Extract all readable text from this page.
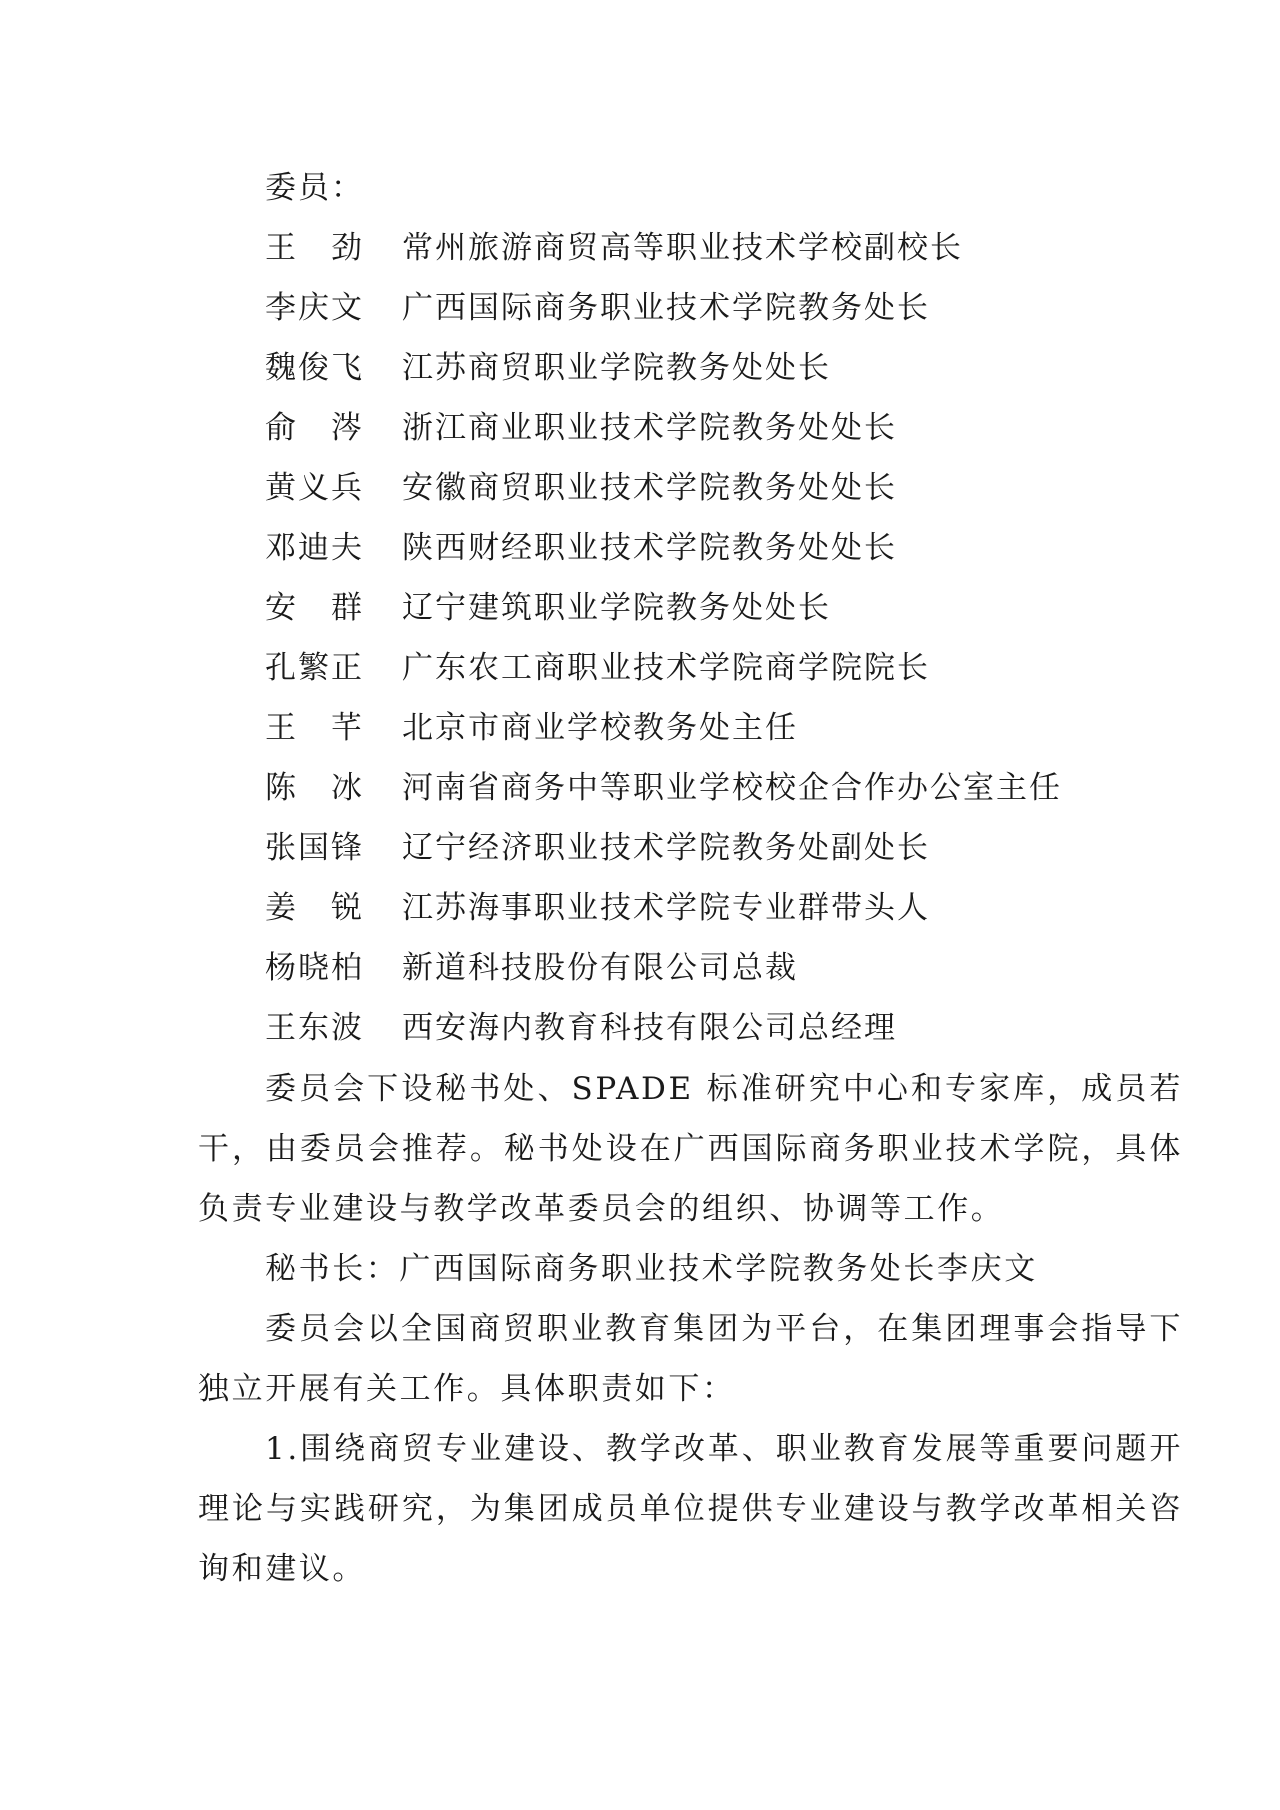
委员：
王　劲	常州旅游商贸高等职业技术学校副校长
李庆文	广西国际商务职业技术学院教务处长
魏俊飞	江苏商贸职业学院教务处处长
俞　涔	浙江商业职业技术学院教务处处长
黄义兵	安徽商贸职业技术学院教务处处长
邓迪夫	陕西财经职业技术学院教务处处长
安　群	辽宁建筑职业学院教务处处长
孔繁正	广东农工商职业技术学院商学院院长
王　芊	北京市商业学校教务处主任
陈　冰	河南省商务中等职业学校校企合作办公室主任
张国锋	辽宁经济职业技术学院教务处副处长
姜　锐	江苏海事职业技术学院专业群带头人
杨晓柏	新道科技股份有限公司总裁
王东波	西安海内教育科技有限公司总经理
委员会下设秘书处、SPADE 标准研究中心和专家库，成员若干，由委员会推荐。秘书处设在广西国际商务职业技术学院，具体负责专业建设与教学改革委员会的组织、协调等工作。
秘书长：广西国际商务职业技术学院教务处长李庆文
委员会以全国商贸职业教育集团为平台，在集团理事会指导下独立开展有关工作。具体职责如下：
1.围绕商贸专业建设、教学改革、职业教育发展等重要问题开理论与实践研究，为集团成员单位提供专业建设与教学改革相关咨询和建议。
